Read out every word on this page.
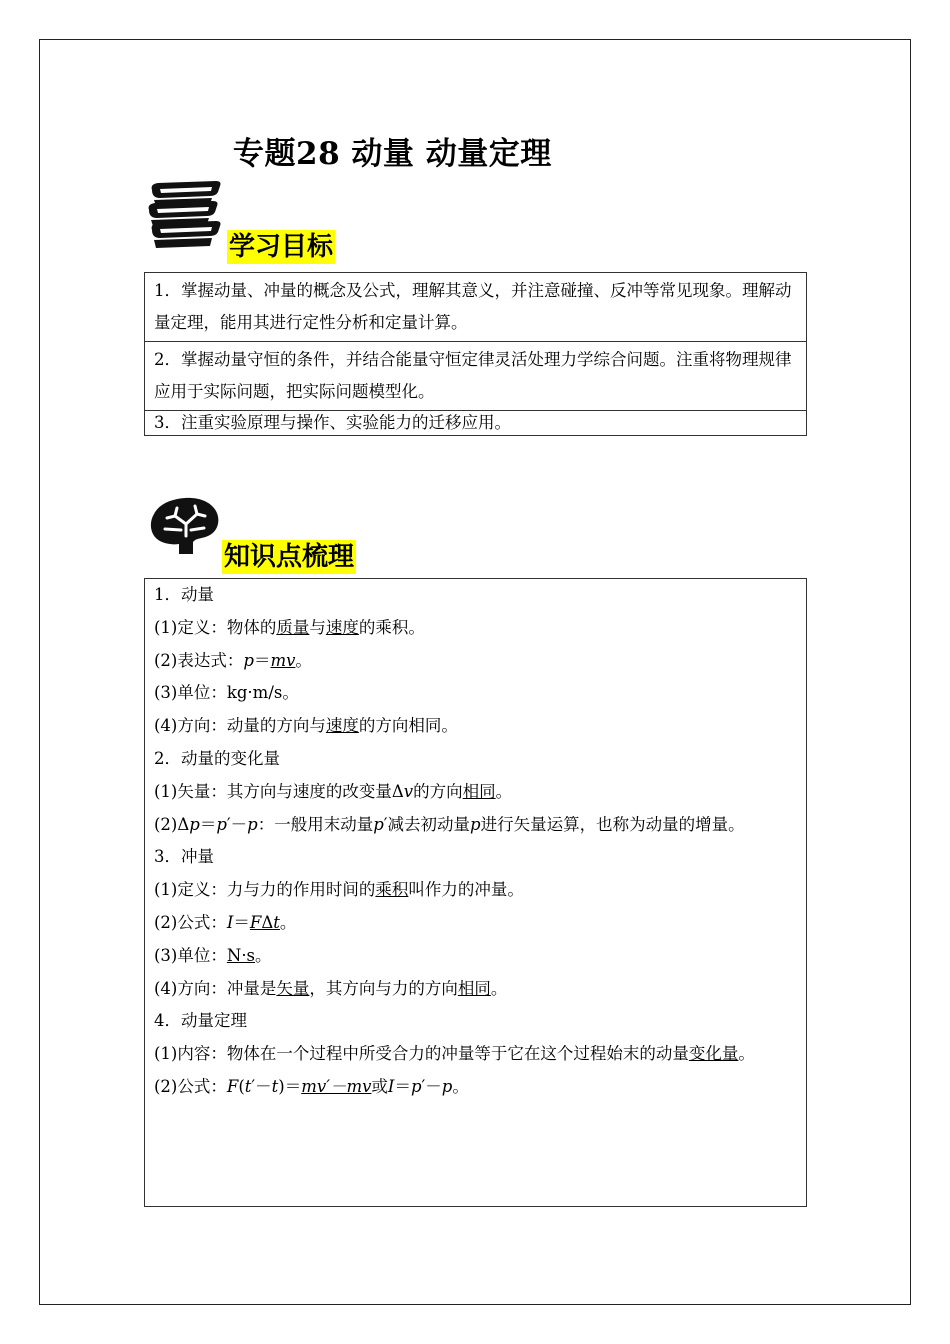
专题28 动量 动量定理
学习目标
1．掌握动量、冲量的概念及公式，理解其意义，并注意碰撞、反冲等常见现象。理解动量定理，能用其进行定性分析和定量计算。
2．掌握动量守恒的条件，并结合能量守恒定律灵活处理力学综合问题。注重将物理规律应用于实际问题，把实际问题模型化。
3．注重实验原理与操作、实验能力的迁移应用。
知识点梳理
1．动量
(1)定义：物体的质量与速度的乘积。
(2)表达式：p＝mv。
(3)单位：kg·m/s。
(4)方向：动量的方向与速度的方向相同。
2．动量的变化量
(1)矢量：其方向与速度的改变量Δv的方向相同。
(2)Δp＝p′－p：一般用末动量p′减去初动量p进行矢量运算，也称为动量的增量。
3．冲量
(1)定义：力与力的作用时间的乘积叫作力的冲量。
(2)公式：I＝FΔt。
(3)单位：N·s。
(4)方向：冲量是矢量，其方向与力的方向相同。
4．动量定理
(1)内容：物体在一个过程中所受合力的冲量等于它在这个过程始末的动量变化量。
(2)公式：F(t′－t)＝mv′－mv或I＝p′－p。
